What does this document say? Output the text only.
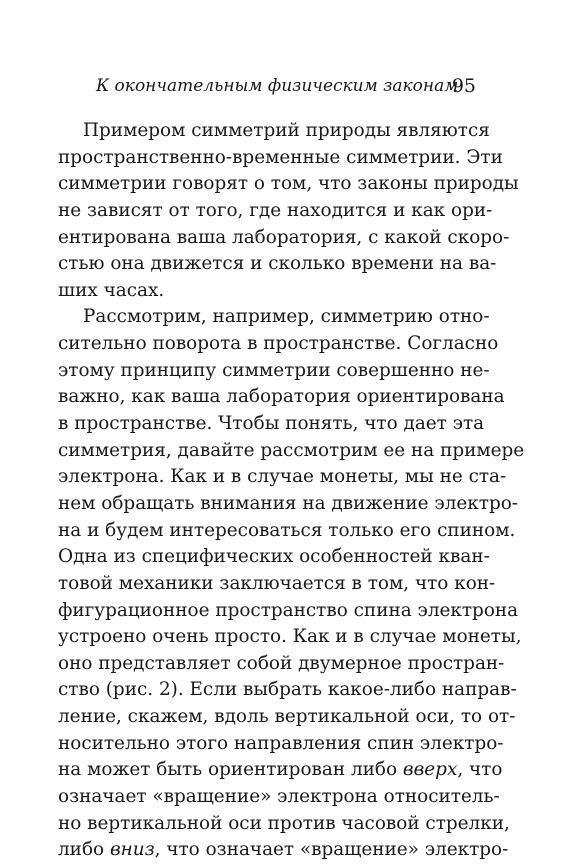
К окончательным физическим законам
95
Примером симметрий природы являются
пространственно-временные симметрии. Эти
симметрии говорят о том, что законы природы
не зависят от того, где находится и как ори-
ентирована ваша лаборатория, с какой скоро-
стью она движется и сколько времени на ва-
ших часах.
Рассмотрим, например, симметрию отно-
сительно поворота в пространстве. Согласно
этому принципу симметрии совершенно не-
важно, как ваша лаборатория ориентирована
в пространстве. Чтобы понять, что дает эта
симметрия, давайте рассмотрим ее на примере
электрона. Как и в случае монеты, мы не ста-
нем обращать внимания на движение электро-
на и будем интересоваться только его спином.
Одна из специфических особенностей кван-
товой механики заключается в том, что кон-
фигурационное пространство спина электрона
устроено очень просто. Как и в случае монеты,
оно представляет собой двумерное простран-
ство (рис. 2). Если выбрать какое-либо направ-
ление, скажем, вдоль вертикальной оси, то от-
носительно этого направления спин электро-
на может быть ориентирован либо вверх, что
означает «вращение» электрона относитель-
но вертикальной оси против часовой стрелки,
либо вниз, что означает «вращение» электро-
